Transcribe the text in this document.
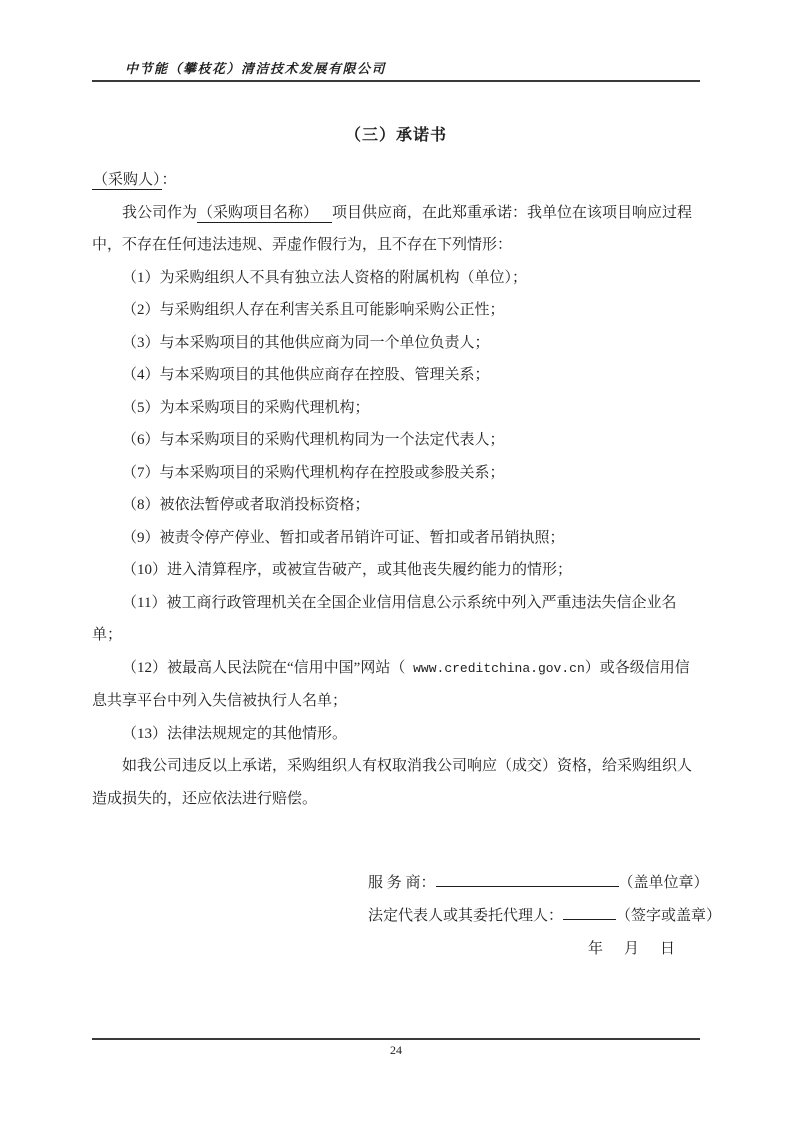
中节能（攀枝花）清洁技术发展有限公司
（三）承诺书

（采购人）：

我公司作为（采购项目名称） 项目供应商，在此郑重承诺：我单位在该项目响应过程中，不存在任何违法违规、弄虚作假行为，且不存在下列情形：

（1）为采购组织人不具有独立法人资格的附属机构（单位）；

（2）与采购组织人存在利害关系且可能影响采购公正性；

（3）与本采购项目的其他供应商为同一个单位负责人；

（4）与本采购项目的其他供应商存在控股、管理关系；

（5）为本采购项目的采购代理机构；

（6）与本采购项目的采购代理机构同为一个法定代表人；

（7）与本采购项目的采购代理机构存在控股或参股关系；

（8）被依法暂停或者取消投标资格；

（9）被责令停产停业、暂扣或者吊销许可证、暂扣或者吊销执照；

（10）进入清算程序，或被宣告破产，或其他丧失履约能力的情形；

（11）被工商行政管理机关在全国企业信用信息公示系统中列入严重违法失信企业名单；

（12）被最高人民法院在“信用中国”网站（ www.creditchina.gov.cn）或各级信用信息共享平台中列入失信被执行人名单；

（13）法律法规规定的其他情形。

如我公司违反以上承诺，采购组织人有权取消我公司响应（成交）资格，给采购组织人造成损失的，还应依法进行赔偿。

服 务 商：	（盖单位章）

法定代表人或其委托代理人：	（签字或盖章）

年　月　日

24
